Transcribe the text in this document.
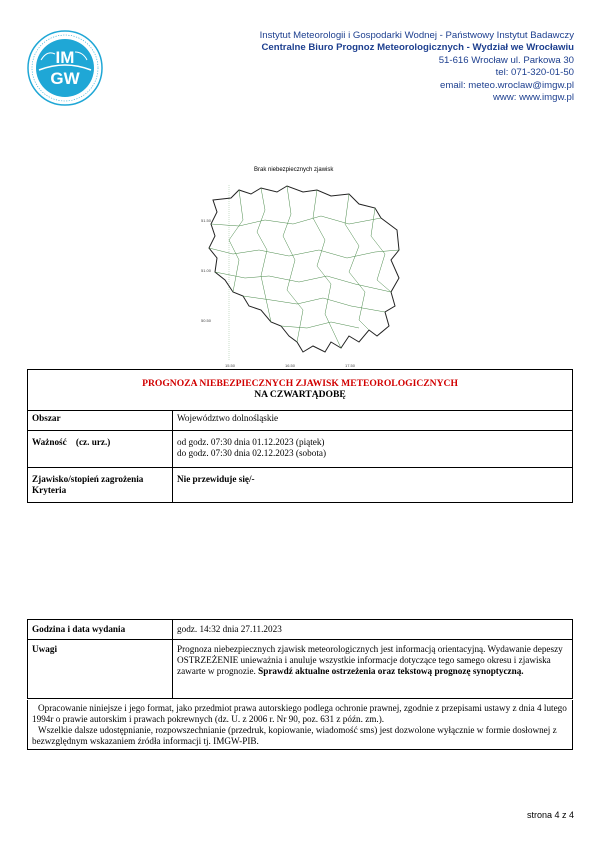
IM
GW
Instytut Meteorologii i Gospodarki Wodnej - Państwowy Instytut Badawczy
Centralne Biuro Prognoz Meteorologicznych - Wydział we Wrocławiu
51-616 Wrocław ul. Parkowa 30
tel: 071-320-01-50
email: meteo.wroclaw@imgw.pl
www: www.imgw.pl
Brak niebezpiecznych zjawisk
51.50
51.00
50.50
15.50	16.50	17.50
PROGNOZA NIEBEZPIECZNYCH ZJAWISK METEOROLOGICZNYCH
NA CZWARTĄDOBĘ	

Obszar	Województwo dolnośląskie
Ważność (cz. urz.)	od godz. 07:30 dnia 01.12.2023 (piątek)
do godz. 07:30 dnia 02.12.2023 (sobota)

Zjawisko/stopień zagrożenia
Kryteria	Nie przewiduje się/-
Godzina i data wydania	godz. 14:32 dnia 27.11.2023
Uwagi	Prognoza niebezpiecznych zjawisk meteorologicznych jest informacją orientacyjną. Wydawanie depeszy OSTRZEŻENIE unieważnia i anuluje wszystkie informacje dotyczące tego samego okresu i zjawiska zawarte w prognozie. Sprawdź aktualne ostrzeżenia oraz tekstową prognozę synoptyczną.
Opracowanie niniejsze i jego format, jako przedmiot prawa autorskiego podlega ochronie prawnej, zgodnie z przepisami ustawy z dnia 4 lutego 1994r o prawie autorskim i prawach pokrewnych (dz. U. z 2006 r. Nr 90, poz. 631 z późn. zm.).
Wszelkie dalsze udostępnianie, rozpowszechnianie (przedruk, kopiowanie, wiadomość sms) jest dozwolone wyłącznie w formie dosłownej z bezwzględnym wskazaniem źródła informacji tj. IMGW-PIB.
strona 4 z 4
